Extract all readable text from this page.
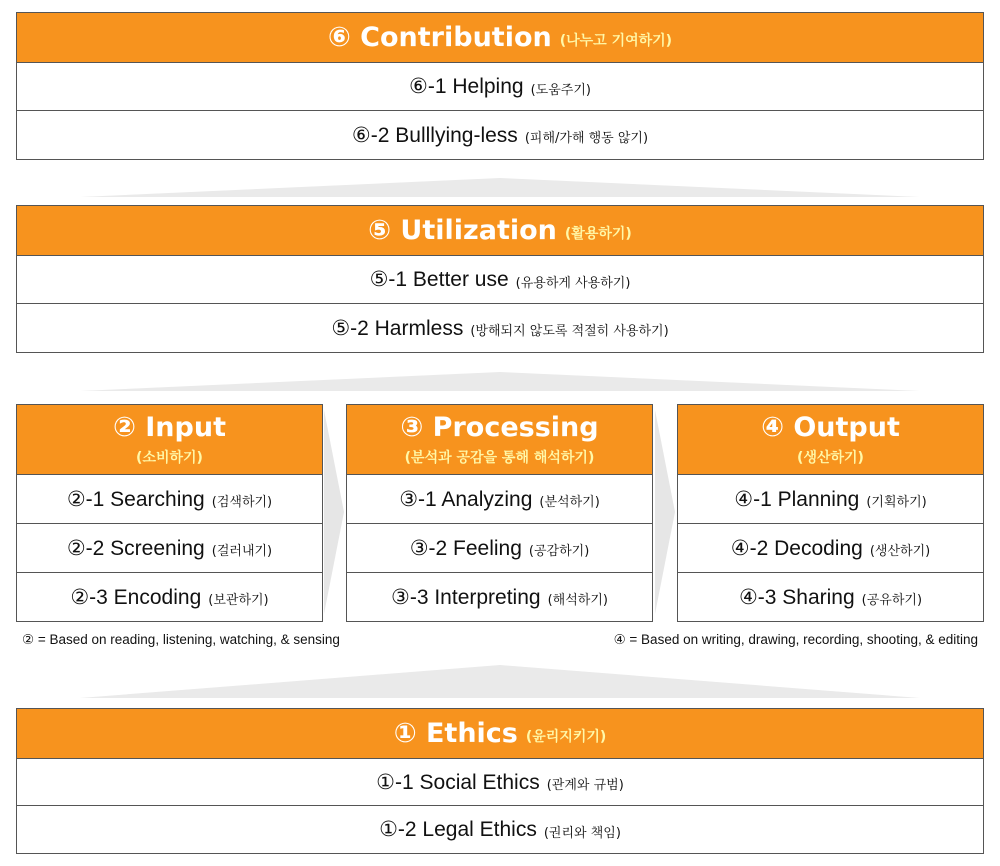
⑥ Contribution (나누고 기여하기)
⑥-1 Helping (도움주기)
⑥-2 Bulllying-less (피해/가해 행동 않기)
⑤ Utilization (활용하기)
⑤-1 Better use (유용하게 사용하기)
⑤-2 Harmless (방해되지 않도록 적절히 사용하기)
② Input
(소비하기)
②-1 Searching (검색하기)
②-2 Screening (걸러내기)
②-3 Encoding (보관하기)
③ Processing
(분석과 공감을 통해 해석하기)
③-1 Analyzing (분석하기)
③-2 Feeling (공감하기)
③-3 Interpreting (해석하기)
④ Output
(생산하기)
④-1 Planning (기획하기)
④-2 Decoding (생산하기)
④-3 Sharing (공유하기)
② = Based on reading, listening, watching, & sensing	④ = Based on writing, drawing, recording, shooting, & editing
① Ethics (윤리지키기)
①-1 Social Ethics (관계와 규범)
①-2 Legal Ethics (권리와 책임)
